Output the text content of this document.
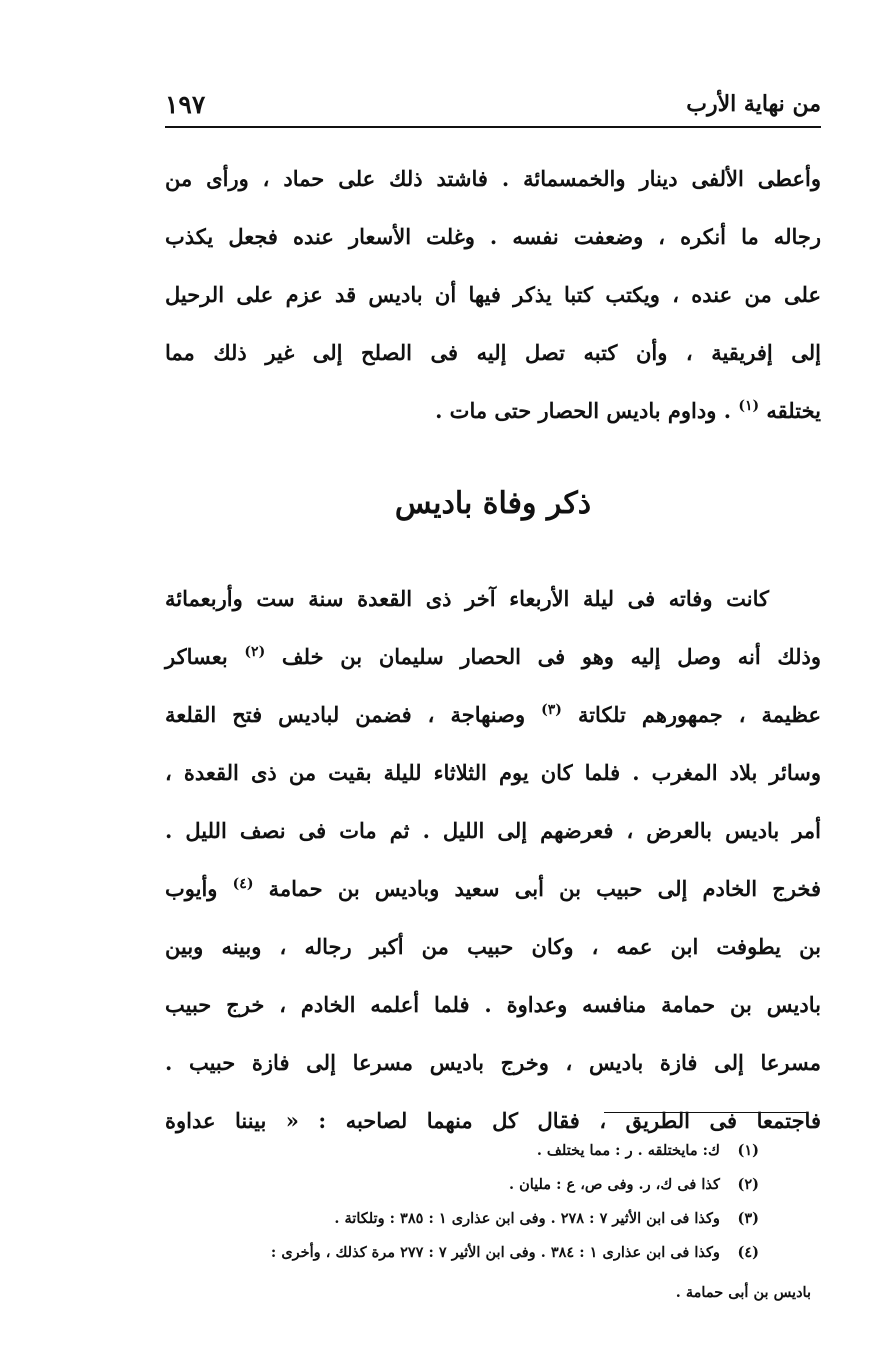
من نهاية الأرب
١٩٧
وأعطى الألفى دينار والخمسمائة . فاشتد ذلك على حماد ، ورأى من
رجاله ما أنكره ، وضعفت نفسه . وغلت الأسعار عنده فجعل يكذب
على من عنده ، ويكتب كتبا يذكر فيها أن باديس قد عزم على الرحيل
إلى إفريقية ، وأن كتبه تصل إليه فى الصلح إلى غير ذلك مما
يختلقه $^{(١)}$ . وداوم باديس الحصار حتى مات .
ذكر وفاة باديس
كانت وفاته فى ليلة الأربعاء آخر ذى القعدة سنة ست وأربعمائة
وذلك أنه وصل إليه وهو فى الحصار سليمان بن خلف $^{(٢)}$ بعساكر
عظيمة ، جمهورهم تلكاتة $^{(٣)}$ وصنهاجة ، فضمن لباديس فتح القلعة
وسائر بلاد المغرب . فلما كان يوم الثلاثاء لليلة بقيت من ذى القعدة ،
أمر باديس بالعرض ، فعرضهم إلى الليل . ثم مات فى نصف الليل .
فخرج الخادم إلى حبيب بن أبى سعيد وباديس بن حمامة $^{(٤)}$ وأيوب
بن يطوفت ابن عمه ، وكان حبيب من أكبر رجاله ، وبينه وبين
باديس بن حمامة منافسه وعداوة . فلما أعلمه الخادم ، خرج حبيب
مسرعا إلى فازة باديس ، وخرج باديس مسرعا إلى فازة حبيب .
فاجتمعا فى الطريق ، فقال كل منهما لصاحبه : « بيننا عداوة
(١) ك: مايختلقه . ر : مما يختلف .
(٢) كذا فى ك، ر. وفى ص، ع : مليان .
(٣) وكذا فى ابن الأثير ٧ : ٢٧٨ . وفى ابن عذارى ١ : ٣٨٥ : وتلكاتة .
(٤) وكذا فى ابن عذارى ١ : ٣٨٤ . وفى ابن الأثير ٧ : ٢٧٧ مرة كذلك ، وأخرى :
باديس بن أبى حمامة .
